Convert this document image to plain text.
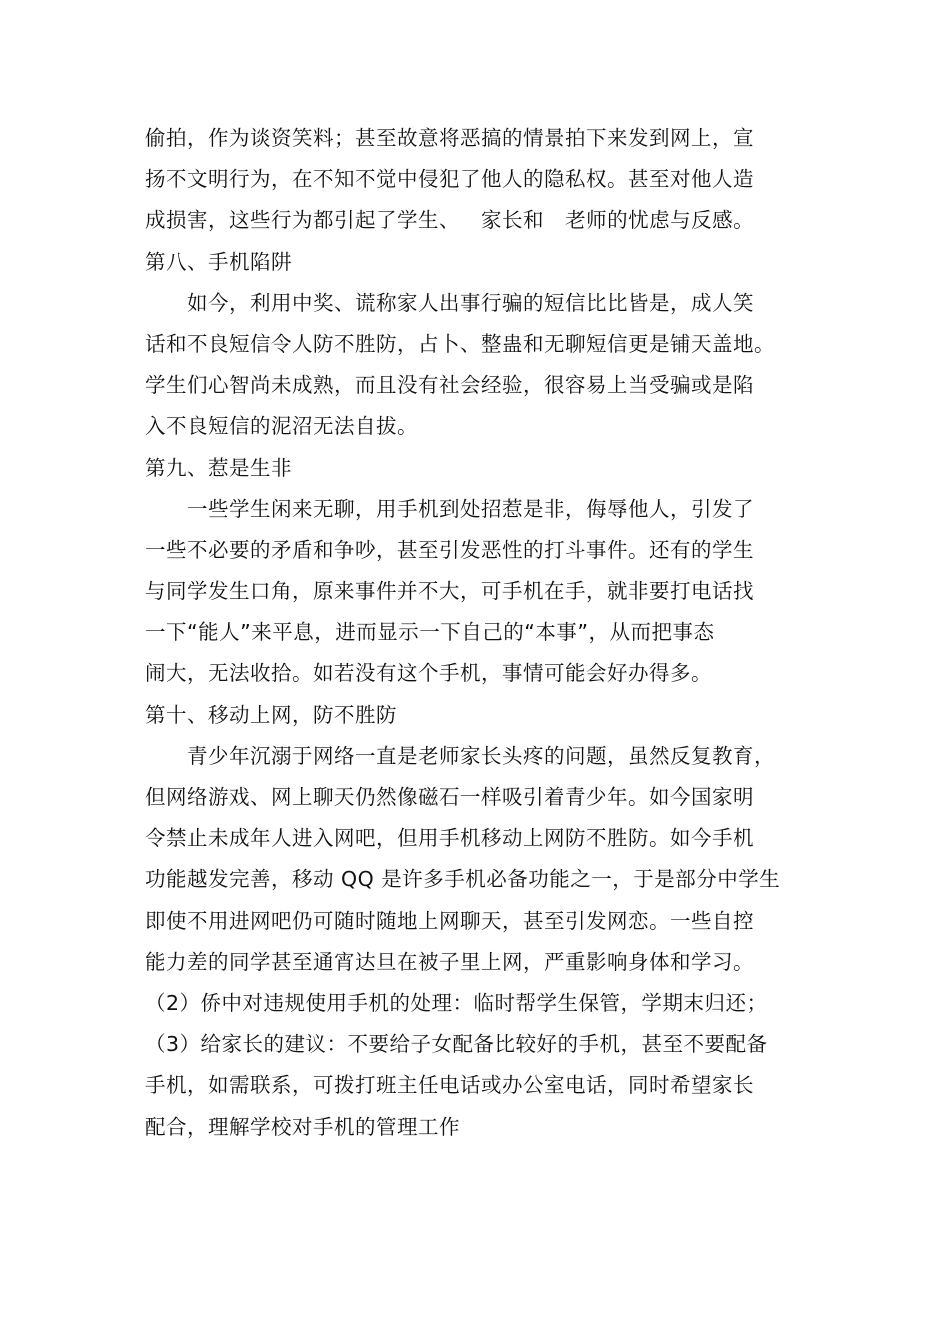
偷拍，作为谈资笑料；甚至故意将恶搞的情景拍下来发到网上，宣
扬不文明行为，在不知不觉中侵犯了他人的隐私权。甚至对他人造
成损害，这些行为都引起了学生、   家长和   老师的忧虑与反感。
第八、手机陷阱
如今，利用中奖、谎称家人出事行骗的短信比比皆是，成人笑
话和不良短信令人防不胜防，占卜、整蛊和无聊短信更是铺天盖地。
学生们心智尚未成熟，而且没有社会经验，很容易上当受骗或是陷
入不良短信的泥沼无法自拔。
第九、惹是生非
一些学生闲来无聊，用手机到处招惹是非，侮辱他人，引发了
一些不必要的矛盾和争吵，甚至引发恶性的打斗事件。还有的学生
与同学发生口角，原来事件并不大，可手机在手，就非要打电话找
一下“能人”来平息，进而显示一下自己的“本事”，从而把事态
闹大，无法收拾。如若没有这个手机，事情可能会好办得多。
第十、移动上网，防不胜防
青少年沉溺于网络一直是老师家长头疼的问题，虽然反复教育，
但网络游戏、网上聊天仍然像磁石一样吸引着青少年。如今国家明
令禁止未成年人进入网吧，但用手机移动上网防不胜防。如今手机
功能越发完善，移动 QQ 是许多手机必备功能之一，于是部分中学生
即使不用进网吧仍可随时随地上网聊天，甚至引发网恋。一些自控
能力差的同学甚至通宵达旦在被子里上网，严重影响身体和学习。
（2）侨中对违规使用手机的处理：临时帮学生保管，学期末归还；
（3）给家长的建议：不要给子女配备比较好的手机，甚至不要配备
手机，如需联系，可拨打班主任电话或办公室电话，同时希望家长
配合，理解学校对手机的管理工作
